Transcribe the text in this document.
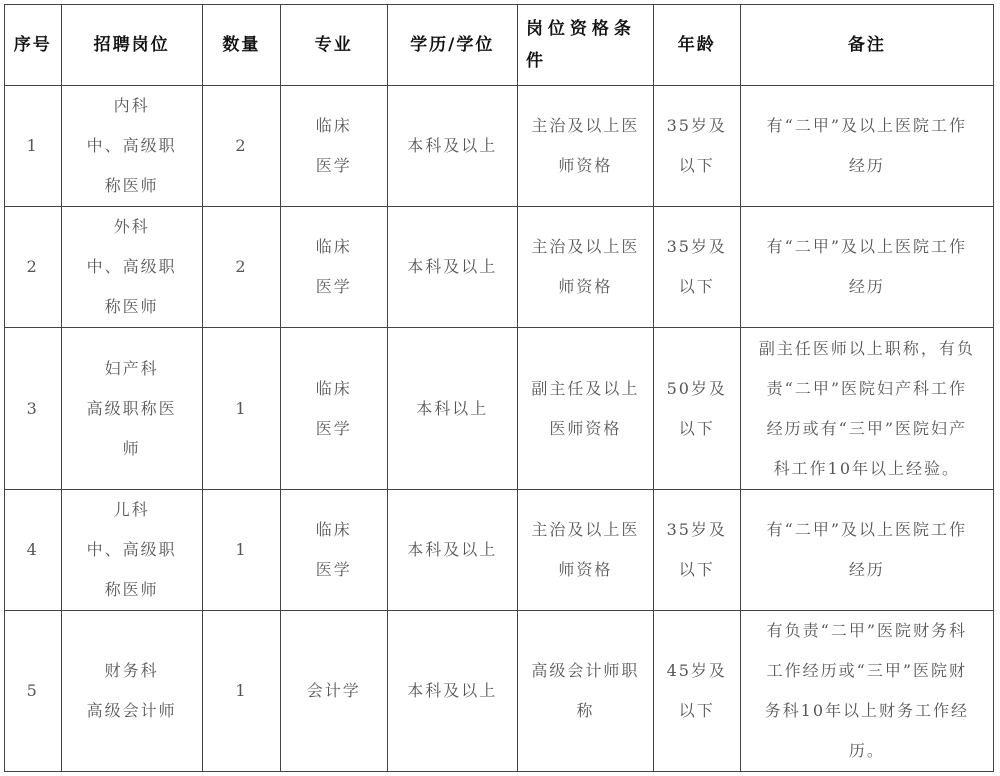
序号	招聘岗位	数量	专业	学历/学位	岗位资格条件	年龄	备注
1	内科
中、高级职
称医师	2	临床
医学	本科及以上	主治及以上医
师资格	35岁及
以下	有“二甲”及以上医院工作
经历
2	外科
中、高级职
称医师	2	临床
医学	本科及以上	主治及以上医
师资格	35岁及
以下	有“二甲”及以上医院工作
经历
3	妇产科
高级职称医
师	1	临床
医学	本科以上	副主任及以上
医师资格	50岁及
以下	副主任医师以上职称，有负
责“二甲”医院妇产科工作
经历或有“三甲”医院妇产
科工作10年以上经验。
4	儿科
中、高级职
称医师	1	临床
医学	本科及以上	主治及以上医
师资格	35岁及
以下	有“二甲”及以上医院工作
经历
5	财务科
高级会计师	1	会计学	本科及以上	高级会计师职
称	45岁及
以下	有负责“二甲”医院财务科
工作经历或“三甲”医院财
务科10年以上财务工作经
历。
